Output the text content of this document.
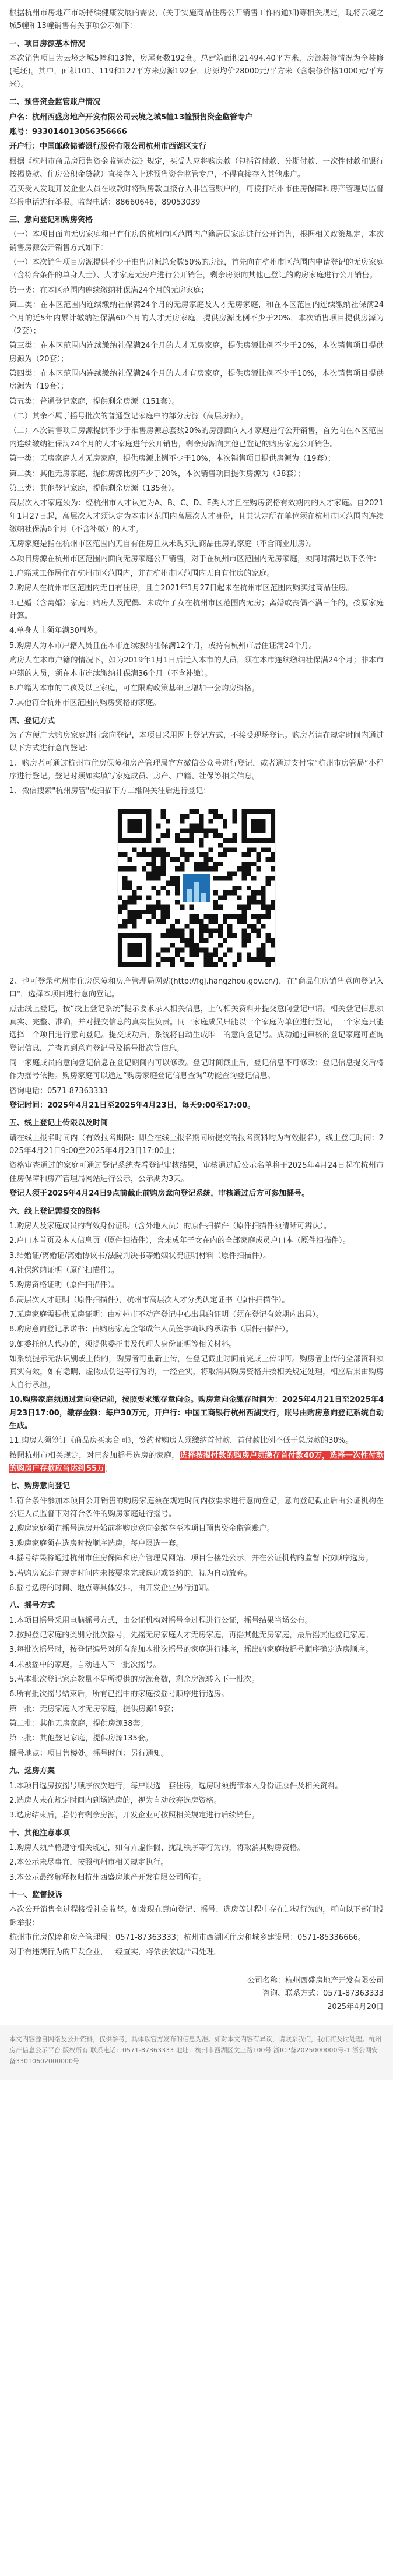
根据杭州市房地产市场持续健康发展的需要，(关于实施商品住房公开销售工作的通知)等相关规定，现将云境之城5幢和13幢销售有关事项公示如下：

一、项目房源基本情况

本次销售项目为云境之城5幢和13幢，房屋套数192套。总建筑面积21494.40平方米，房源装修情况为全装修(毛坯)。其中，面积101、119和127平方米房源192套，房源均价28000元/平方米（含装修价格1000元/平方米）。

二、预售资金监管账户情况

户名：杭州西盛房地产开发有限公司云境之城5幢13幢预售资金监管专户

账号：933014013056356666

开户行：中国邮政储蓄银行股份有限公司杭州市西湖区支行

根据《杭州市商品房预售资金监管办法》规定，买受人应将购房款（包括首付款、分期付款、一次性付款和银行按揭贷款、住房公积金贷款）直接存入上述预售资金监管专户，不得直接存入其他账户。

若买受人发现开发企业人员在收款时将购房款直接存入非监管账户的，可拨打杭州市住房保障和房产管理局监督举报电话进行举报。监督电话：88660646，89053039

三、意向登记和购房资格

（一）本项目面向无房家庭和已有住房的杭州市区范围内户籍居民家庭进行公开销售，根据相关政策规定，本次销售房源公开销售方式如下：

（一）本次销售项目房源提供不少于准售房源总套数50%的房源，首先向在杭州市区范围内申请登记的无房家庭（含符合条件的单身人士）、人才家庭无房户进行公开销售，剩余房源向其他已登记的购房家庭进行公开销售。

第一类：在本区范围内连续缴纳社保满24个月的无房家庭；

第二类：在本区范围内连续缴纳社保满24个月的无房家庭及人才无房家庭，和在本区范围内连续缴纳社保满24个月的近5年内累计缴纳社保满60个月的人才无房家庭，提供房源比例不少于20%，本次销售项目提供房源为（2套）；

第三类：在本区范围内连续缴纳社保满24个月的人才无房家庭，提供房源比例不少于20%，本次销售项目提供房源为（20套）；

第四类：在本区范围内连续缴纳社保满24个月的人才有房家庭，提供房源比例不少于10%，本次销售项目提供房源为（19套）；

第五类：普通登记家庭，提供剩余房源（151套）。

（二）其余不属于摇号批次的普通登记家庭中的部分房源（高层房源）。

（二）本次销售项目房源提供不少于准售房源总套数20%的房源面向人才家庭进行公开销售，首先向在本区范围内连续缴纳社保满24个月的人才家庭进行公开销售，剩余房源向其他已登记的购房家庭公开销售。

第一类：无房家庭人才无房家庭，提供房源比例不少于10%，本次销售项目提供房源为（19套）；

第二类：其他无房家庭，提供房源比例不少于20%，本次销售项目提供房源为（38套）；

第三类：其他登记家庭，提供剩余房源（135套）。

高层次人才家庭须为：经杭州市人才认定为A、B、C、D、E类人才且在购房资格有效期内的人才家庭。自2021年1月27日起，高层次人才须认定为本市区范围内高层次人才身份，且其认定所在单位须在杭州市区范围内连续缴纳社保满6个月（不含补缴）的人才。

无房家庭是指在杭州市区范围内无自有住房且从未购买过商品住房的家庭（不含商业用房）。

本项目房源在杭州市区范围内面向无房家庭公开销售，对于在杭州市区范围内无房家庭，须同时满足以下条件：

1.户籍或工作居住在杭州市区范围内，并在杭州市区范围内无自有住房的家庭。

2.购房人在杭州市区范围内无自有住房，且自2021年1月27日起未在杭州市区范围内购买过商品住房。

3.已婚（含离婚）家庭：购房人及配偶、未成年子女在杭州市区范围内无房；离婚或丧偶不满三年的，按原家庭计算。

4.单身人士须年满30周岁。

5.购房人为本市户籍人员且在本市连续缴纳社保满12个月，或持有杭州市居住证满24个月。

购房人在本市户籍的情况下，如为2019年1月1日后迁入本市的人员，须在本市连续缴纳社保满24个月；非本市户籍的人员，须在本市连续缴纳社保满36个月（不含补缴）。

6.户籍为本市的二孩及以上家庭，可在限购政策基础上增加一套购房资格。

7.其他符合杭州市区范围内购房资格的家庭。

四、登记方式

为了方便广大购房家庭进行意向登记，本项目采用网上登记方式，不接受现场登记。购房者请在规定时间内通过以下方式进行意向登记：

1、购房者可通过杭州市住房保障和房产管理局官方微信公众号进行登记，或者通过支付宝“杭州市房管局”小程序进行登记。登记时须如实填写家庭成员、房产、户籍、社保等相关信息。

1、微信搜索"杭州房管"或扫描下方二维码关注后进行登记：

2、也可登录杭州市住房保障和房产管理局网站(http://fgj.hangzhou.gov.cn/)，在"商品住房销售意向登记入口"，选择本项目进行意向登记。

点击线上登记，按“线上登记系统”提示要求录入相关信息，上传相关资料并提交意向登记申请。相关登记信息须真实、完整、准确，并对提交信息的真实性负责。同一家庭成员只能以一个家庭为单位进行登记，一个家庭只能选择一个项目进行意向登记。提交成功后，系统将自动生成唯一的意向登记号。成功通过审核的登记家庭可查询登记信息，并查询到意向登记号及摇号批次等信息。

同一家庭成员的意向登记信息在登记期间内可以修改。登记时间截止后，登记信息不可修改；登记信息提交后将作为摇号依据。购房家庭可以通过“购房家庭登记信息查询”功能查询登记信息。

咨询电话：0571-87363333

登记时间：2025年4月21日至2025年4月23日，每天9:00至17:00。

五、线上登记上传限以及时间

请在线上报名时间内（有效报名期限：即全在线上报名期间所提交的报名资料均为有效报名），线上登记时间：2025年4月21日9:00至2025年4月23日17:00止；

资格审查通过的家庭可通过登记系统查看登记审核结果，审核通过后公示名单将于2025年4月24日起在杭州市住房保障和房产管理局网站进行公示，公示期为3天。

登记人须于2025年4月24日9点前截止前购房意向登记系统，审核通过后方可参加摇号。

六、线上登记需提交的资料

1.购房人及家庭成员的有效身份证明（含外地人员）的原件扫描件（原件扫描件须清晰可辨认）。

2.户口本首页及本人信息页（原件扫描件），含未成年子女在内的全部家庭成员户口本（原件扫描件）。

3.结婚证/离婚证/离婚协议书/法院判决书等婚姻状况证明材料（原件扫描件）。

4.社保缴纳证明（原件扫描件）。

5.购房资格证明（原件扫描件）。

6.高层次人才证明（原件扫描件），杭州市高层次人才分类认定证书（原件扫描件）。

7.无房家庭需提供无房证明：由杭州市不动产登记中心出具的证明（须在登记有效期内出具）。

8.购房意向登记承诺书：由购房家庭全部成年人员签字确认的承诺书（原件扫描件）。

9.如委托他人代办的，须提供委托书及代理人身份证明等相关材料。

如系统提示无法识别或上传的，购房者可重新上传，在登记截止时间前完成上传即可。购房者上传的全部资料须真实有效，如有隐瞒、虚假或伪造等行为的，一经查实，将取消其购房资格并按相关规定处理，相应后果由购房人自行承担。

10.购房家庭须通过意向登记前，按照要求缴存意向金。购房意向金缴存时间为：2025年4月21日至2025年4月23日17:00，缴存金额：每户30万元，开户行：中国工商银行杭州西湖支行，账号由购房意向登记系统自动生成。

11.购房人须签订《商品房买卖合同》，签约时购房人须缴纳首付款，首付款比例不低于总房款的30%。

按照杭州市相关规定，对已参加摇号选房的家庭，选择按揭付款的购房户须缴存首付款40万，选择一次性付款的购房户存款应当达到 55万；

七、购房意向登记

1.符合条件参加本项目公开销售的购房家庭须在规定时间内按要求进行意向登记，意向登记截止后由公证机构在公证人员监督下对符合条件的购房家庭进行摇号。

2.购房家庭须在摇号选房开始前将购房意向金缴存至本项目预售资金监管账户。

3.购房家庭须在选房时按顺序选房，每户限选一套。

4.摇号结果将通过杭州市住房保障和房产管理局网站、项目售楼处公示，并在公证机构的监督下按顺序选房。

5.若购房家庭在规定时间内未按要求完成选房或签约的，视为自动放弃。

6.摇号选房的时间、地点等具体安排，由开发企业另行通知。

八、摇号方式

1.本项目摇号采用电脑摇号方式，由公证机构对摇号全过程进行公证，摇号结果当场公布。

2.按照登记家庭的类别分批次摇号，先摇无房家庭人才无房家庭，再摇其他无房家庭，最后摇其他登记家庭。

3.每批次摇号时，按登记编号对所有参加本批次摇号的家庭进行排序，摇出的家庭按摇号顺序确定选房顺序。

4.未被摇中的家庭，自动进入下一批次摇号。

5.若本批次登记家庭数量不足所提供的房源套数，剩余房源转入下一批次。

6.所有批次摇号结束后，所有已摇中的家庭按摇号顺序进行选房。

第一批：无房家庭人才无房家庭，提供房源19套；

第二批：其他无房家庭，提供房源38套；

第三批：其他登记家庭，提供房源135套。

摇号地点：项目售楼处。摇号时间：另行通知。

九、选房方案

1.本项目选房按摇号顺序依次进行，每户限选一套住房，选房时须携带本人身份证原件及相关资料。

2.选房人未在规定时间内到场选房的，视为自动放弃选房资格。

3.选房结束后，若仍有剩余房源，开发企业可按照相关规定进行后续销售。

十、其他注意事项

1.购房人须严格遵守相关规定，如有弄虚作假、扰乱秩序等行为的，将取消其购房资格。

2.本公示未尽事宜，按照杭州市相关规定执行。

3.本公示最终解释权归杭州西盛房地产开发有限公司所有。

十一、监督投诉

本次公开销售全过程接受社会监督。如发现在意向登记、摇号、选房等过程中存在违规行为的，可向以下部门投诉举报：

杭州市住房保障和房产管理局：0571-87363333；杭州市西湖区住房和城乡建设局：0571-85336666。

对于有违规行为的开发企业，一经查实，将依法依规严肃处理。

公司名称：杭州西盛房地产开发有限公司

咨询、联系方式：0571-87363333

2025年4月20日

本文内容源自网络及公开资料，仅供参考，具体以官方发布的信息为准。如对本文内容有异议，请联系我们，我们将及时处理。杭州房产信息公示平台 版权所有 联系电话：0571-87363333 地址：杭州市西湖区文三路100号 浙ICP备2025000000号-1 浙公网安备33010602000000号
